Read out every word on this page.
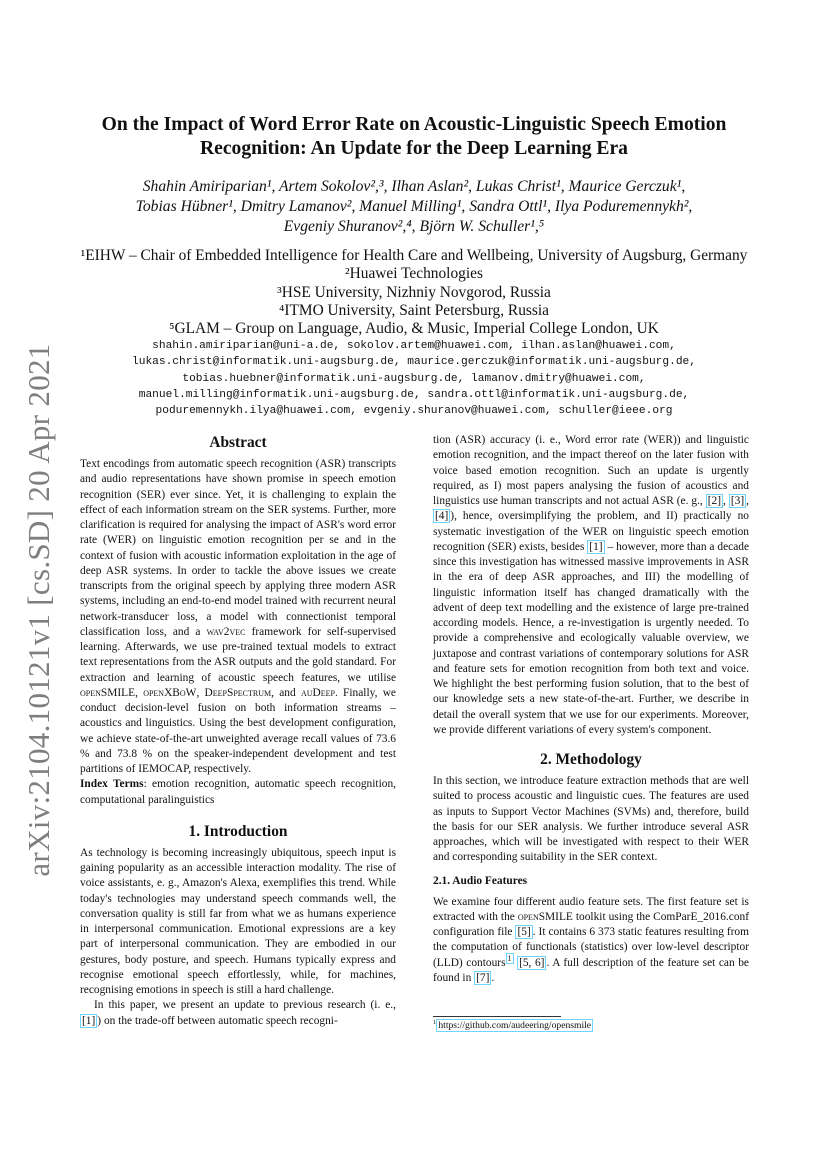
arXiv:2104.10121v1 [cs.SD] 20 Apr 2021
On the Impact of Word Error Rate on Acoustic-Linguistic Speech Emotion
Recognition: An Update for the Deep Learning Era
Shahin Amiriparian¹, Artem Sokolov²,³, Ilhan Aslan², Lukas Christ¹, Maurice Gerczuk¹,
Tobias Hübner¹, Dmitry Lamanov², Manuel Milling¹, Sandra Ottl¹, Ilya Poduremennykh²,
Evgeniy Shuranov²,⁴, Björn W. Schuller¹,⁵
¹EIHW – Chair of Embedded Intelligence for Health Care and Wellbeing, University of Augsburg, Germany
²Huawei Technologies
³HSE University, Nizhniy Novgorod, Russia
⁴ITMO University, Saint Petersburg, Russia
⁵GLAM – Group on Language, Audio, & Music, Imperial College London, UK
shahin.amiriparian@uni-a.de, sokolov.artem@huawei.com, ilhan.aslan@huawei.com,
lukas.christ@informatik.uni-augsburg.de, maurice.gerczuk@informatik.uni-augsburg.de,
tobias.huebner@informatik.uni-augsburg.de, lamanov.dmitry@huawei.com,
manuel.milling@informatik.uni-augsburg.de, sandra.ottl@informatik.uni-augsburg.de,
poduremennykh.ilya@huawei.com, evgeniy.shuranov@huawei.com, schuller@ieee.org
Abstract

Text encodings from automatic speech recognition (ASR) transcripts and audio representations have shown promise in speech emotion recognition (SER) ever since. Yet, it is challenging to explain the effect of each information stream on the SER systems. Further, more clarification is required for analysing the impact of ASR's word error rate (WER) on linguistic emotion recognition per se and in the context of fusion with acoustic information exploitation in the age of deep ASR systems. In order to tackle the above issues we create transcripts from the original speech by applying three modern ASR systems, including an end-to-end model trained with recurrent neural network-transducer loss, a model with connectionist temporal classification loss, and a wav2vec framework for self-supervised learning. Afterwards, we use pre-trained textual models to extract text representations from the ASR outputs and the gold standard. For extraction and learning of acoustic speech features, we utilise openSMILE, openXBoW, DeepSpectrum, and auDeep. Finally, we conduct decision-level fusion on both information streams – acoustics and linguistics. Using the best development configuration, we achieve state-of-the-art unweighted average recall values of 73.6 % and 73.8 % on the speaker-independent development and test partitions of IEMOCAP, respectively.

Index Terms: emotion recognition, automatic speech recognition, computational paralinguistics

1. Introduction

As technology is becoming increasingly ubiquitous, speech input is gaining popularity as an accessible interaction modality. The rise of voice assistants, e. g., Amazon's Alexa, exemplifies this trend. While today's technologies may understand speech commands well, the conversation quality is still far from what we as humans experience in interpersonal communication. Emotional expressions are a key part of interpersonal communication. They are embodied in our gestures, body posture, and speech. Humans typically express and recognise emotional speech effortlessly, while, for machines, recognising emotions in speech is still a hard challenge.

In this paper, we present an update to previous research (i. e., [1] ) on the trade-off between automatic speech recogni-

tion (ASR) accuracy (i. e., Word error rate (WER)) and linguistic emotion recognition, and the impact thereof on the later fusion with voice based emotion recognition. Such an update is urgently required, as I) most papers analysing the fusion of acoustics and linguistics use human transcripts and not actual ASR (e. g., [2] , [3] , [4] ), hence, oversimplifying the problem, and II) practically no systematic investigation of the WER on linguistic speech emotion recognition (SER) exists, besides [1] – however, more than a decade since this investigation has witnessed massive improvements in ASR in the era of deep ASR approaches, and III) the modelling of linguistic information itself has changed dramatically with the advent of deep text modelling and the existence of large pre-trained according models. Hence, a re-investigation is urgently needed. To provide a comprehensive and ecologically valuable overview, we juxtapose and contrast variations of contemporary solutions for ASR and feature sets for emotion recognition from both text and voice. We highlight the best performing fusion solution, that to the best of our knowledge sets a new state-of-the-art. Further, we describe in detail the overall system that we use for our experiments. Moreover, we provide different variations of every system's component.

2. Methodology

In this section, we introduce feature extraction methods that are well suited to process acoustic and linguistic cues. The features are used as inputs to Support Vector Machines (SVMs) and, therefore, build the basis for our SER analysis. We further introduce several ASR approaches, which will be investigated with respect to their WER and corresponding suitability in the SER context.

2.1. Audio Features

We examine four different audio feature sets. The first feature set is extracted with the openSMILE toolkit using the ComParE_2016.conf configuration file [5] . It contains 6 373 static features resulting from the computation of functionals (statistics) over low-level descriptor (LLD) contours $^1$ [5, 6] . A full description of the feature set can be found in [7] .

$^1$ https://github.com/audeering/opensmile
